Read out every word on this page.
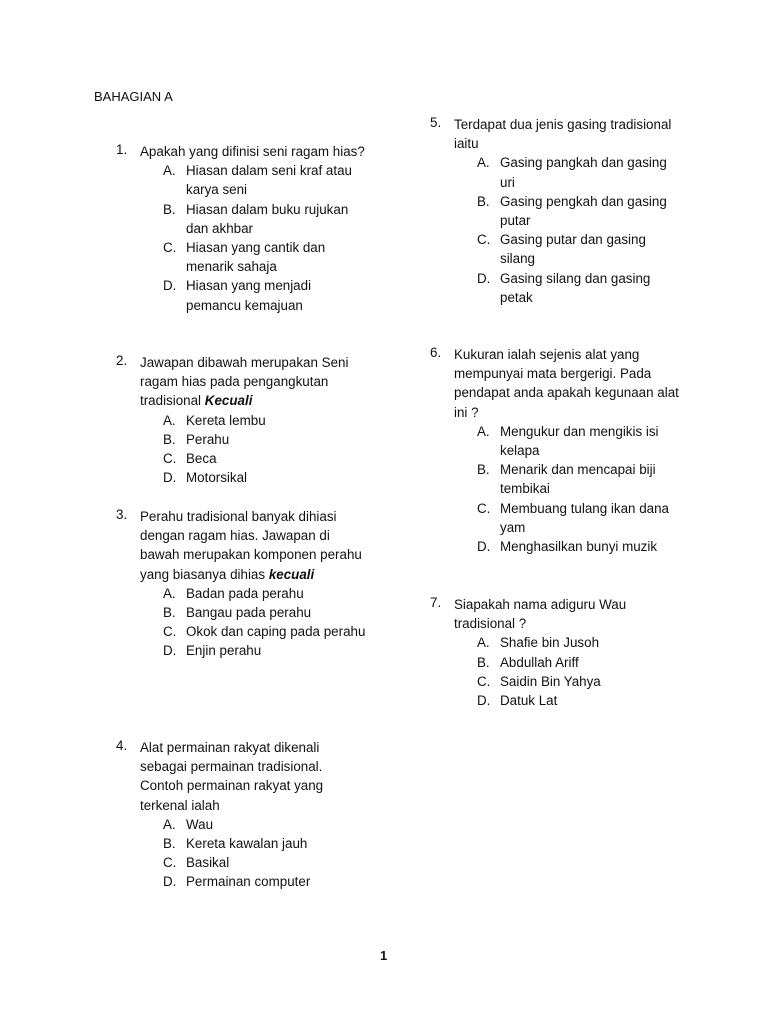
BAHAGIAN A
1. Apakah yang difinisi seni ragam hias?
A. Hiasan dalam seni kraf atau karya seni
B. Hiasan dalam buku rujukan dan akhbar
C. Hiasan yang cantik dan menarik sahaja
D. Hiasan yang menjadi pemancu kemajuan
2. Jawapan dibawah merupakan Seni ragam hias pada pengangkutan tradisional Kecuali
A. Kereta lembu
B. Perahu
C. Beca
D. Motorsikal
3. Perahu tradisional banyak dihiasi dengan ragam hias. Jawapan di bawah merupakan komponen perahu yang biasanya dihias kecuali
A. Badan pada perahu
B. Bangau pada perahu
C. Okok dan caping pada perahu
D. Enjin perahu
4. Alat permainan rakyat dikenali sebagai permainan tradisional. Contoh permainan rakyat yang terkenal ialah
A. Wau
B. Kereta kawalan jauh
C. Basikal
D. Permainan computer
5. Terdapat dua jenis gasing tradisional iaitu
A. Gasing pangkah dan gasing uri
B. Gasing pengkah dan gasing putar
C. Gasing putar dan gasing silang
D. Gasing silang dan gasing petak
6. Kukuran ialah sejenis alat yang mempunyai mata bergerigi. Pada pendapat anda apakah kegunaan alat ini ?
A. Mengukur dan mengikis isi kelapa
B. Menarik dan mencapai biji tembikai
C. Membuang tulang ikan dana yam
D. Menghasilkan bunyi muzik
7. Siapakah nama adiguru Wau tradisional ?
A. Shafie bin Jusoh
B. Abdullah Ariff
C. Saidin Bin Yahya
D. Datuk Lat
1
